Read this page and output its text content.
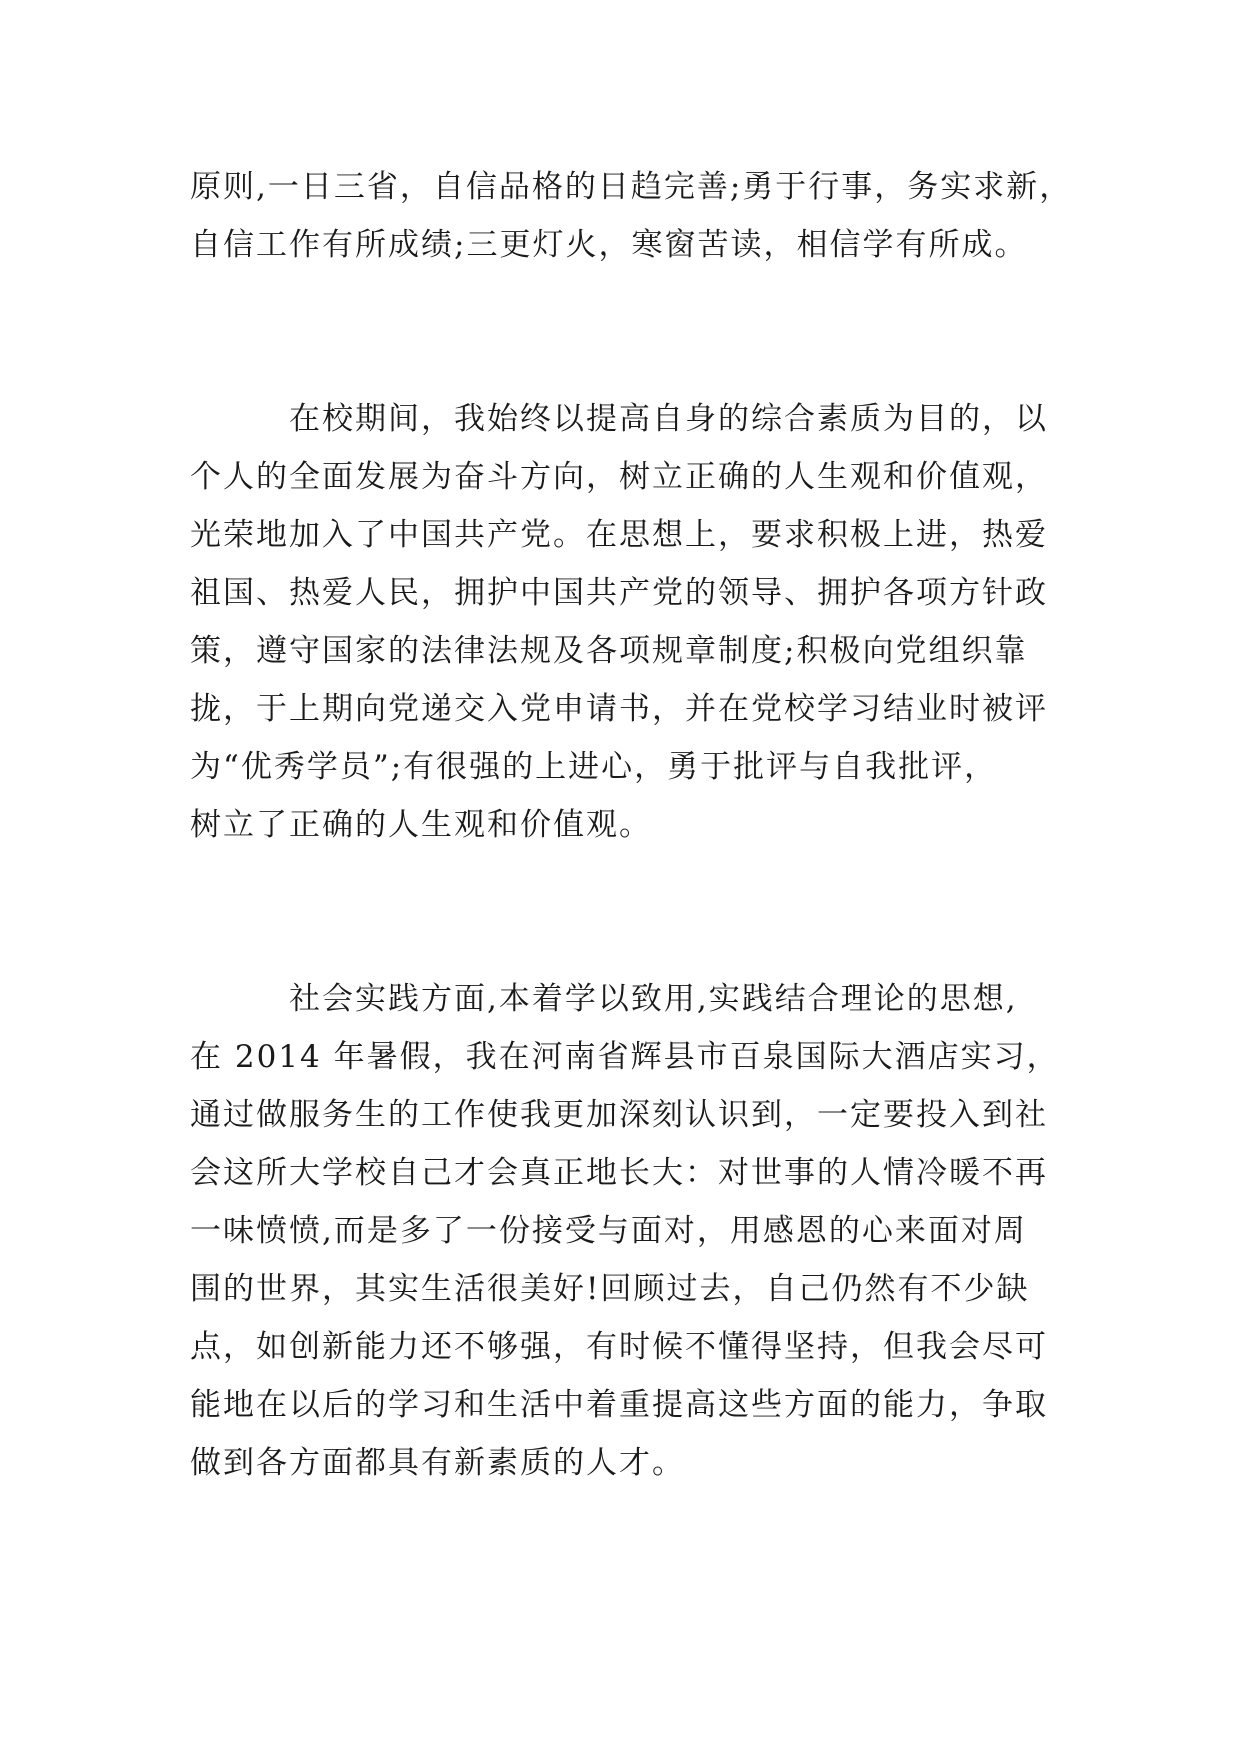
原则,一日三省，自信品格的日趋完善;勇于行事，务实求新，
自信工作有所成绩;三更灯火，寒窗苦读，相信学有所成。
　　　在校期间，我始终以提高自身的综合素质为目的，以
个人的全面发展为奋斗方向，树立正确的人生观和价值观，
光荣地加入了中国共产党。在思想上，要求积极上进，热爱
祖国、热爱人民，拥护中国共产党的领导、拥护各项方针政
策，遵守国家的法律法规及各项规章制度;积极向党组织靠
拢，于上期向党递交入党申请书，并在党校学习结业时被评
为“优秀学员”;有很强的上进心，勇于批评与自我批评，
树立了正确的人生观和价值观。
　　　社会实践方面,本着学以致用,实践结合理论的思想,
在 2014 年暑假，我在河南省辉县市百泉国际大酒店实习，
通过做服务生的工作使我更加深刻认识到，一定要投入到社
会这所大学校自己才会真正地长大：对世事的人情冷暖不再
一味愤愤,而是多了一份接受与面对，用感恩的心来面对周
围的世界，其实生活很美好!回顾过去，自己仍然有不少缺
点，如创新能力还不够强，有时候不懂得坚持，但我会尽可
能地在以后的学习和生活中着重提高这些方面的能力，争取
做到各方面都具有新素质的人才。
